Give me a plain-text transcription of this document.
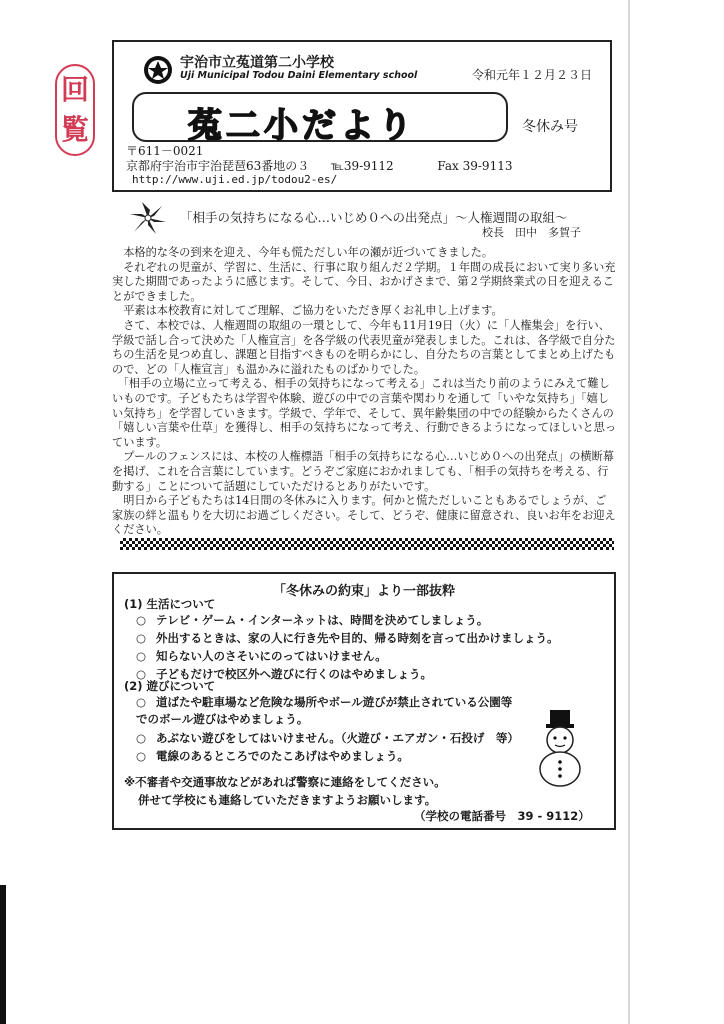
回覧
宇治市立菟道第二小学校
Uji Municipal Todou Daini Elementary school	令和元年１２月２３日
菟二小だより	冬休み号
〒611－0021
京都府宇治市宇治琵琶63番地の３ ℡39-9112	Fax 39-9113
http://www.uji.ed.jp/todou2-es/
「相手の気持ちになる心…いじめ０への出発点」～人権週間の取組～
校長　田中　多賀子

　本格的な冬の到来を迎え、今年も慌ただしい年の瀬が近づいてきました。

　それぞれの児童が、学習に、生活に、行事に取り組んだ２学期。１年間の成長において実り多い充実した期間であったように感じます。そして、今日、おかげさまで、第２学期終業式の日を迎えることができました。

　平素は本校教育に対してご理解、ご協力をいただき厚くお礼申し上げます。

　さて、本校では、人権週間の取組の一環として、今年も11月19日（火）に「人権集会」を行い、学級で話し合って決めた「人権宣言」を各学級の代表児童が発表しました。これは、各学級で自分たちの生活を見つめ直し、課題と目指すべきものを明らかにし、自分たちの言葉としてまとめ上げたもので、どの「人権宣言」も温かみに溢れたものばかりでした。

　「相手の立場に立って考える、相手の気持ちになって考える」これは当たり前のようにみえて難しいものです。子どもたちは学習や体験、遊びの中での言葉や関わりを通して「いやな気持ち」「嬉しい気持ち」を学習していきます。学級で、学年で、そして、異年齢集団の中での経験からたくさんの「嬉しい言葉や仕草」を獲得し、相手の気持ちになって考え、行動できるようになってほしいと思っています。

　プールのフェンスには、本校の人権標語「相手の気持ちになる心…いじめ０への出発点」の横断幕を掲げ、これを合言葉にしています。どうぞご家庭におかれましても、「相手の気持ちを考える、行動する」ことについて話題にしていただけるとありがたいです。

　明日から子どもたちは14日間の冬休みに入ります。何かと慌ただしいこともあるでしょうが、ご家族の絆と温もりを大切にお過ごしください。そして、どうぞ、健康に留意され、良いお年をお迎えください。

「冬休みの約束」より一部抜粋
(1) 生活について
○ テレビ・ゲーム・インターネットは、時間を決めてしましょう。
○ 外出するときは、家の人に行き先や目的、帰る時刻を言って出かけましょう。
○ 知らない人のさそいにのってはいけません。
○ 子どもだけで校区外へ遊びに行くのはやめましょう。
(2) 遊びについて
○ 道ばたや駐車場など危険な場所やボール遊びが禁止されている公園等でのボール遊びはやめましょう。
○ あぶない遊びをしてはいけません。（火遊び・エアガン・石投げ　等）
○ 電線のあるところでのたこあげはやめましょう。
※不審者や交通事故などがあれば警察に連絡をしてください。
併せて学校にも連絡していただきますようお願いします。
（学校の電話番号　39 - 9112）
